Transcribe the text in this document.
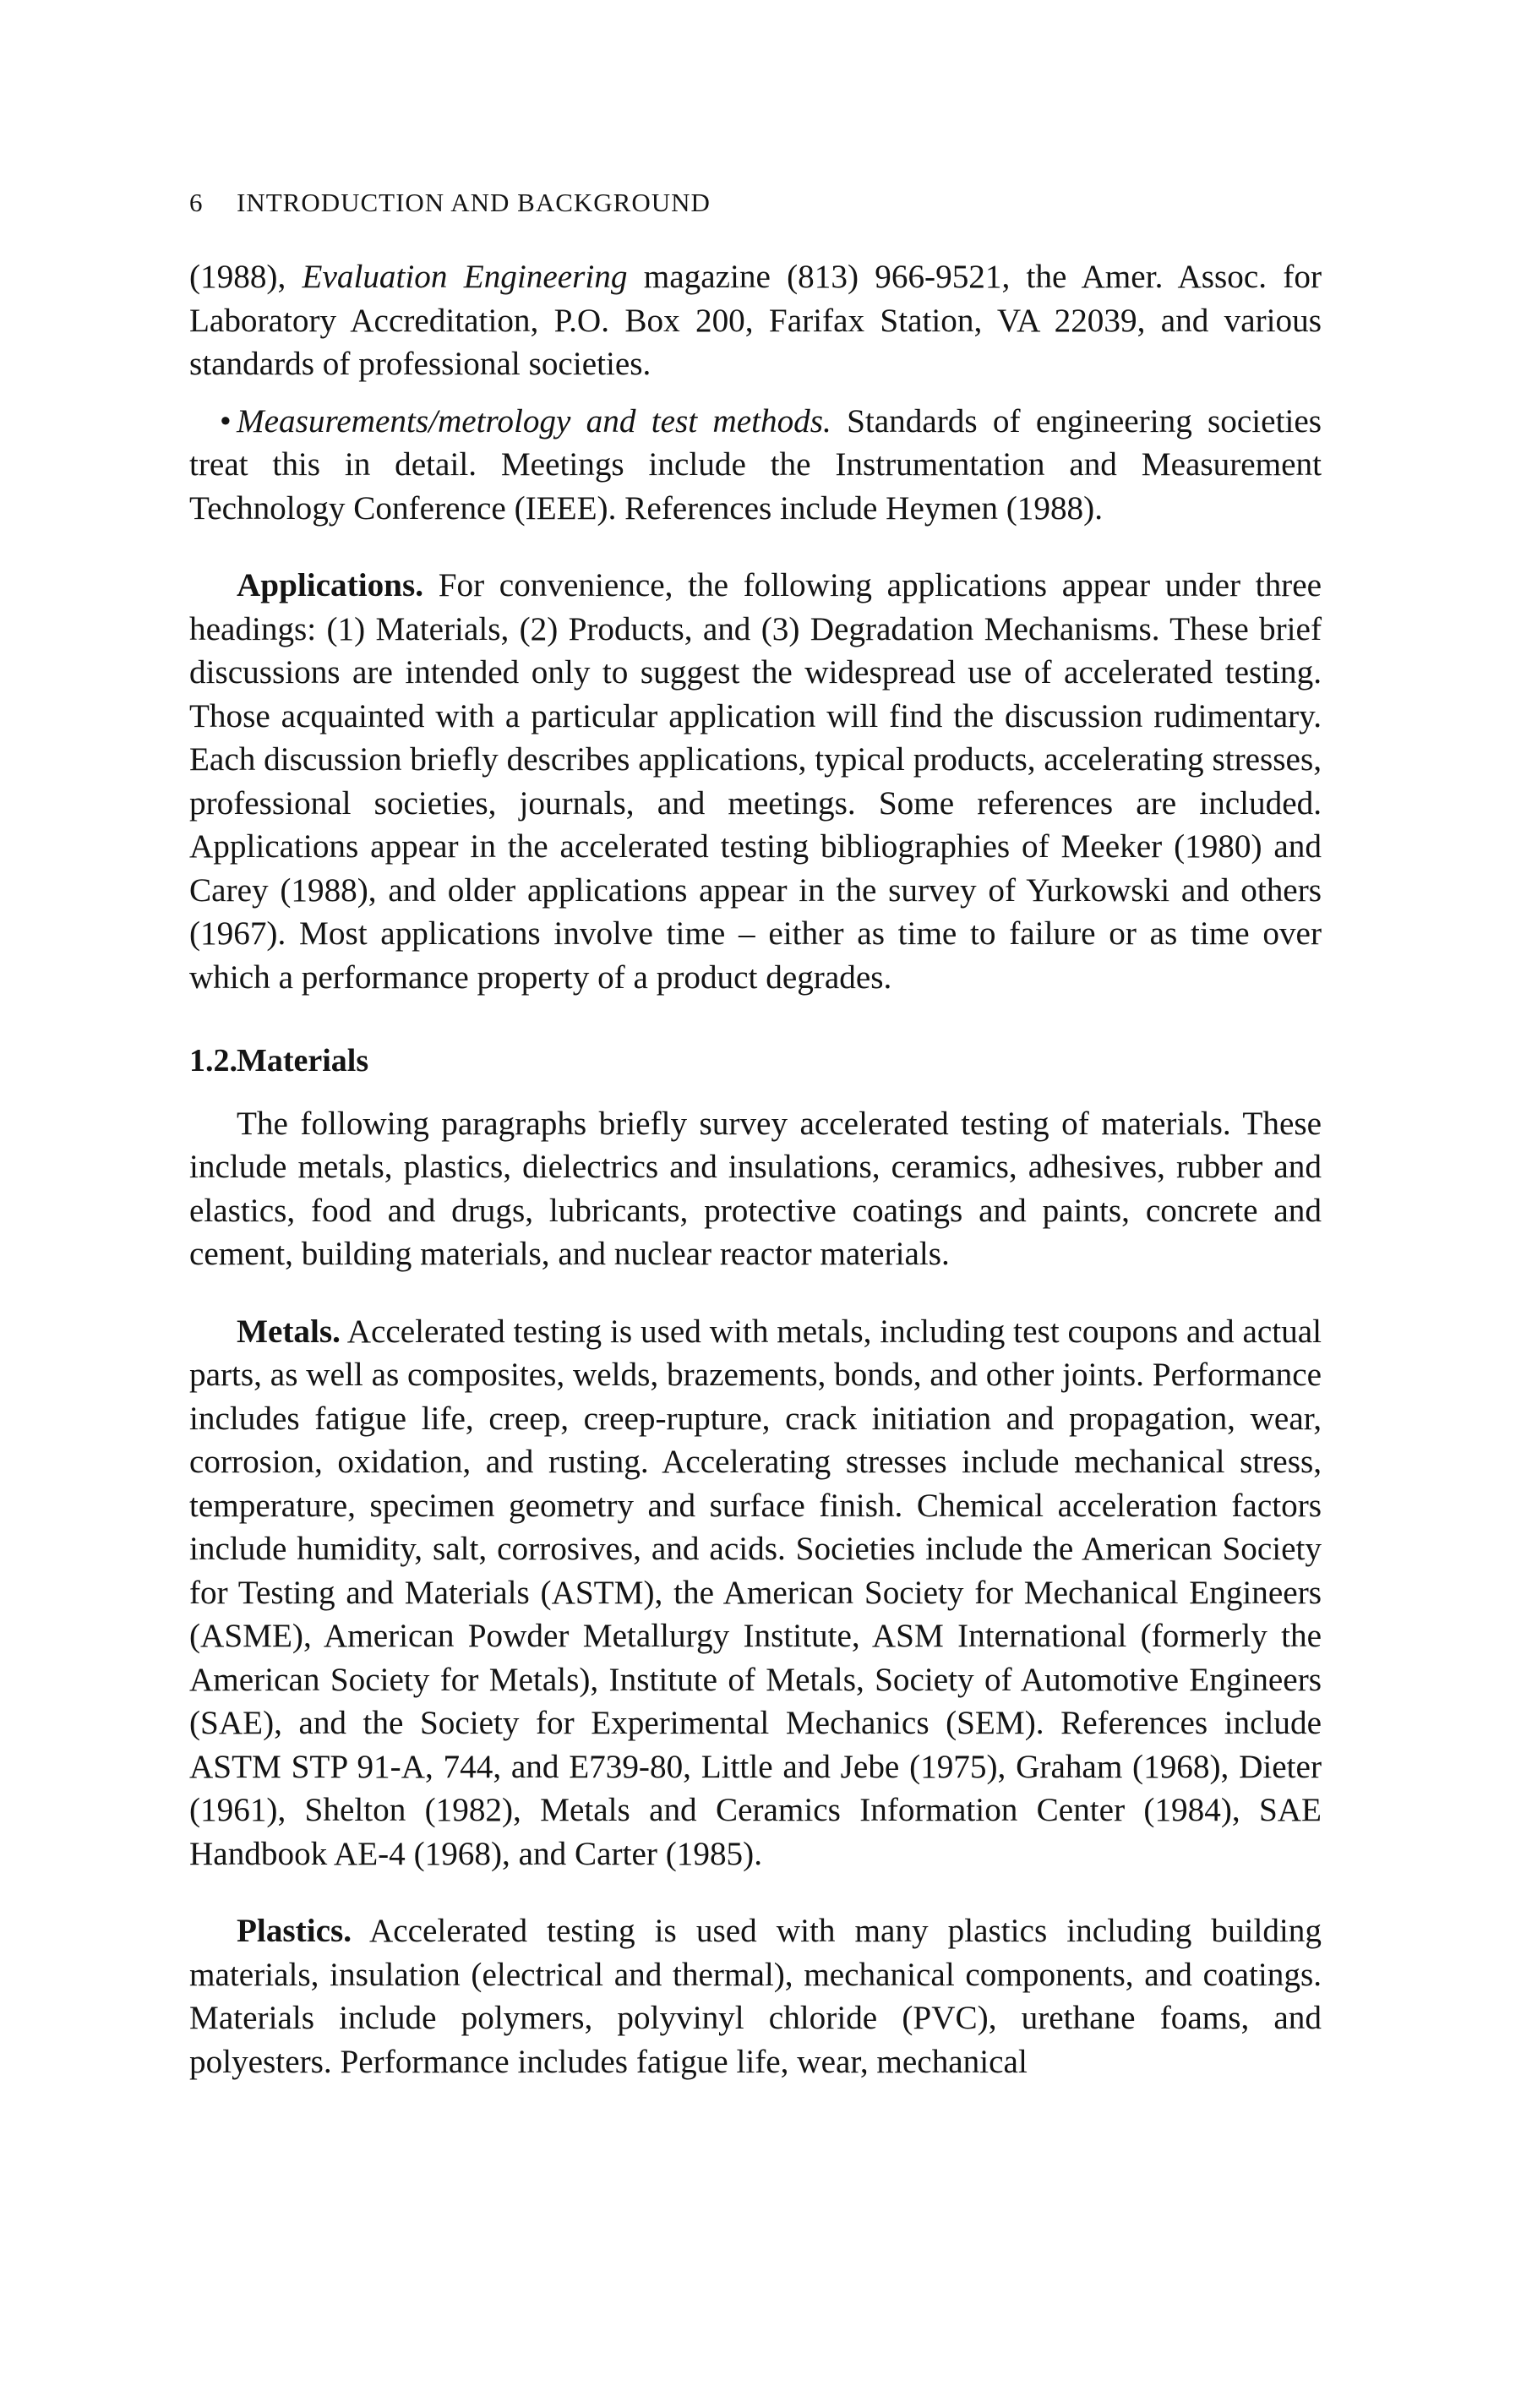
6 INTRODUCTION AND BACKGROUND

(1988), Evaluation Engineering magazine (813) 966-9521, the Amer. Assoc. for Laboratory Accreditation, P.O. Box 200, Farifax Station, VA 22039, and various standards of professional societies.

• Measurements/metrology and test methods. Standards of engineering societies treat this in detail. Meetings include the Instrumentation and Measurement Technology Conference (IEEE). References include Heymen (1988).

Applications. For convenience, the following applications appear under three headings: (1) Materials, (2) Products, and (3) Degradation Mechanisms. These brief discussions are intended only to suggest the widespread use of accelerated testing. Those acquainted with a particular application will find the discussion rudimentary. Each discussion briefly describes applications, typical products, accelerating stresses, professional societies, journals, and meetings. Some references are included. Applications appear in the accelerated testing bibliographies of Meeker (1980) and Carey (1988), and older applications appear in the survey of Yurkowski and others (1967). Most applications involve time – either as time to failure or as time over which a performance property of a product degrades.

1.2.Materials

The following paragraphs briefly survey accelerated testing of materials. These include metals, plastics, dielectrics and insulations, ceramics, adhesives, rubber and elastics, food and drugs, lubricants, protective coatings and paints, concrete and cement, building materials, and nuclear reactor materials.

Metals. Accelerated testing is used with metals, including test coupons and actual parts, as well as composites, welds, brazements, bonds, and other joints. Performance includes fatigue life, creep, creep-rupture, crack initiation and propagation, wear, corrosion, oxidation, and rusting. Accelerating stresses include mechanical stress, temperature, specimen geometry and surface finish. Chemical acceleration factors include humidity, salt, corrosives, and acids. Societies include the American Society for Testing and Materials (ASTM), the American Society for Mechanical Engineers (ASME), American Powder Metallurgy Institute, ASM International (formerly the American Society for Metals), Institute of Metals, Society of Automotive Engineers (SAE), and the Society for Experimental Mechanics (SEM). References include ASTM STP 91-A, 744, and E739-80, Little and Jebe (1975), Graham (1968), Dieter (1961), Shelton (1982), Metals and Ceramics Information Center (1984), SAE Handbook AE-4 (1968), and Carter (1985).

Plastics. Accelerated testing is used with many plastics including building materials, insulation (electrical and thermal), mechanical components, and coatings. Materials include polymers, polyvinyl chloride (PVC), urethane foams, and polyesters. Performance includes fatigue life, wear, mechanical
